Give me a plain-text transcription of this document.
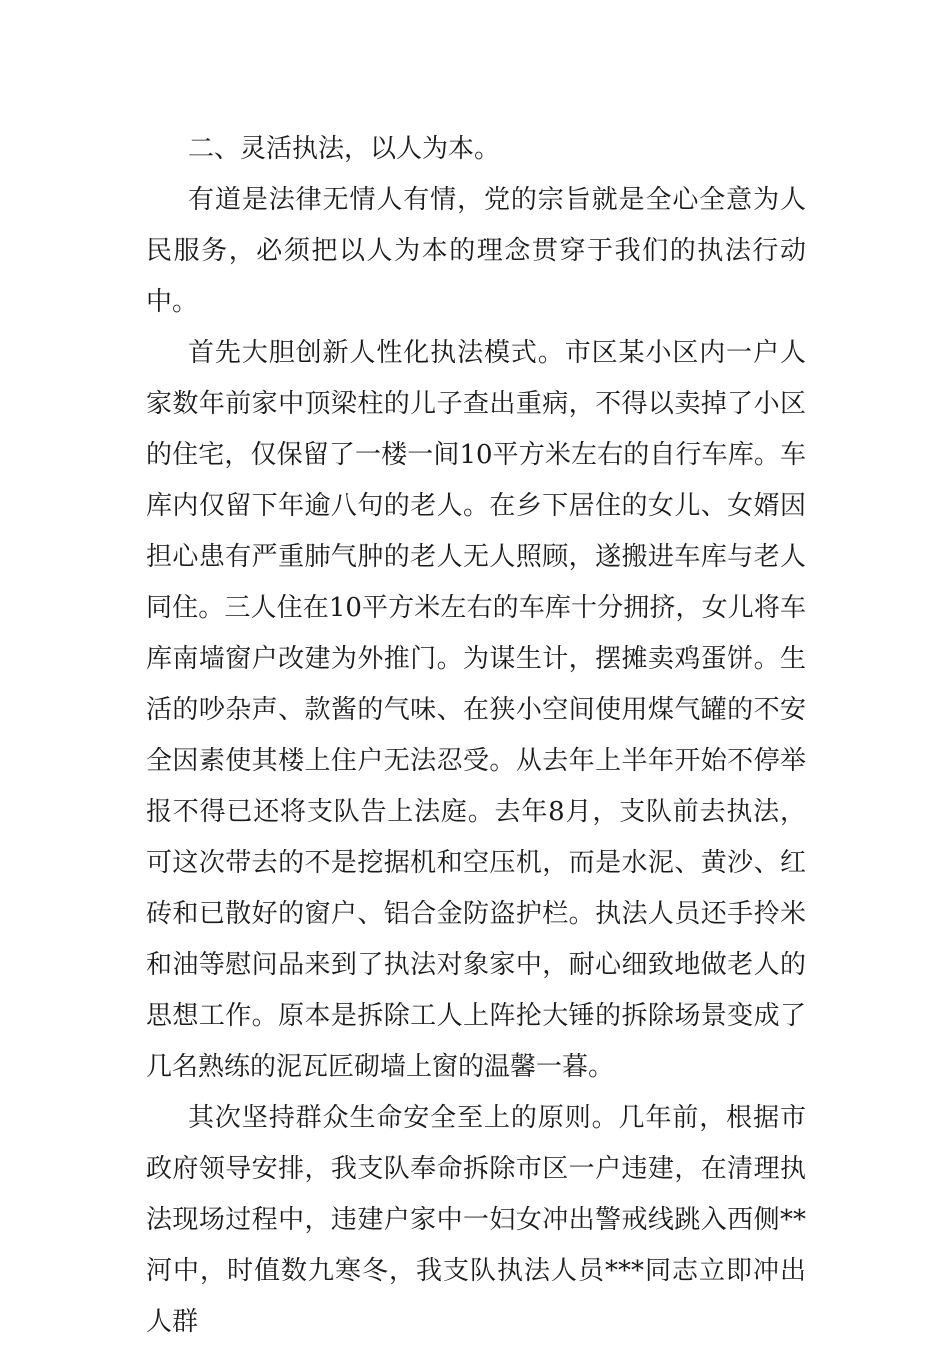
二、灵活执法，以人为本。

有道是法律无情人有情，党的宗旨就是全心全意为人民服务，必须把以人为本的理念贯穿于我们的执法行动中。

首先大胆创新人性化执法模式。市区某小区内一户人家数年前家中顶梁柱的儿子查出重病，不得以卖掉了小区的住宅，仅保留了一楼一间10平方米左右的自行车库。车库内仅留下年逾八句的老人。在乡下居住的女儿、女婿因担心患有严重肺气肿的老人无人照顾，遂搬进车库与老人同住。三人住在10平方米左右的车库十分拥挤，女儿将车库南墙窗户改建为外推门。为谋生计，摆摊卖鸡蛋饼。生活的吵杂声、款酱的气味、在狭小空间使用煤气罐的不安全因素使其楼上住户无法忍受。从去年上半年开始不停举报不得已还将支队告上法庭。去年8月，支队前去执法，可这次带去的不是挖据机和空压机，而是水泥、黄沙、红砖和已散好的窗户、铝合金防盗护栏。执法人员还手拎米和油等慰问品来到了执法对象家中，耐心细致地做老人的思想工作。原本是拆除工人上阵抡大锤的拆除场景变成了几名熟练的泥瓦匠砌墙上窗的温馨一暮。

其次坚持群众生命安全至上的原则。几年前，根据市政府领导安排，我支队奉命拆除市区一户违建，在清理执法现场过程中，违建户家中一妇女冲出警戒线跳入西侧**河中，时值数九寒冬，我支队执法人员***同志立即冲出人群
